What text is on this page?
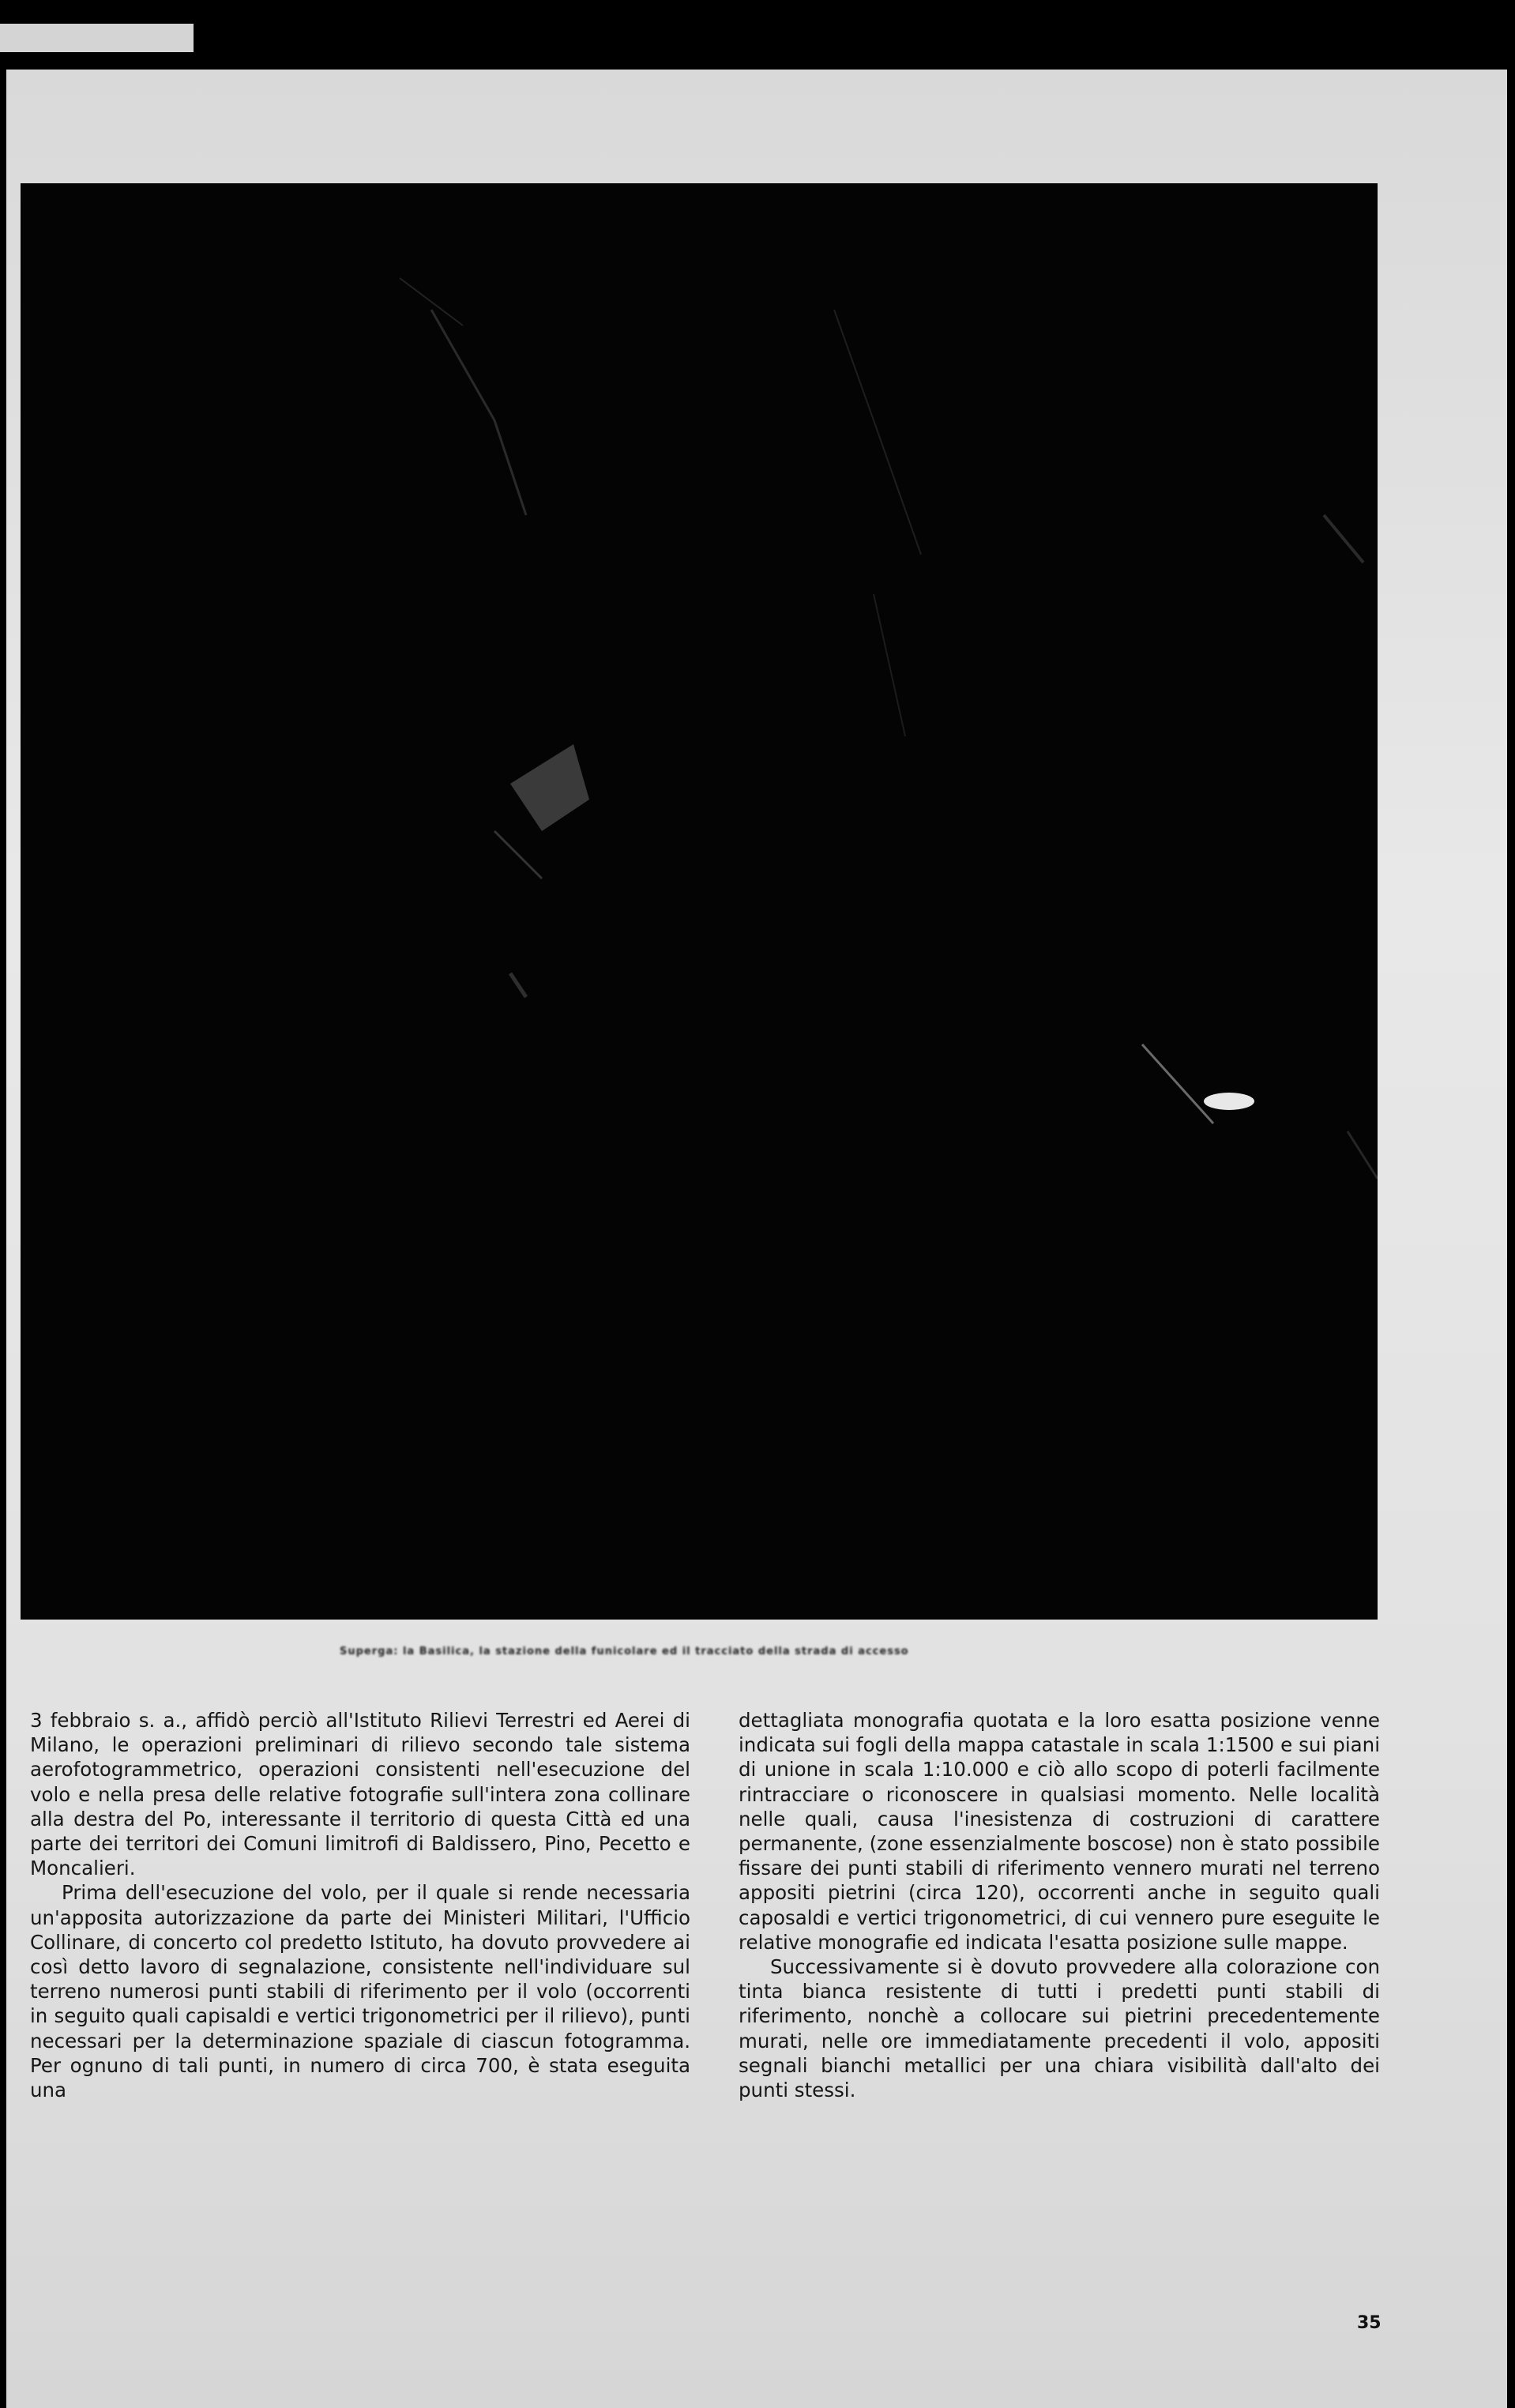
Superga: la Basilica, la stazione della funicolare ed il tracciato della strada di accesso

3 febbraio s. a., affidò perciò all'Istituto Rilievi Terrestri ed Aerei di Milano, le operazioni preliminari di rilievo secondo tale sistema aerofotogrammetrico, operazioni consistenti nell'esecuzione del volo e nella presa delle relative fotografie sull'intera zona collinare alla destra del Po, interessante il territorio di questa Città ed una parte dei territori dei Comuni limitrofi di Baldissero, Pino, Pecetto e Moncalieri.

Prima dell'esecuzione del volo, per il quale si rende necessaria un'apposita autorizzazione da parte dei Ministeri Militari, l'Ufficio Collinare, di concerto col predetto Istituto, ha dovuto provvedere ai così detto lavoro di segnalazione, consistente nell'individuare sul terreno numerosi punti stabili di riferimento per il volo (occorrenti in seguito quali capisaldi e vertici trigonometrici per il rilievo), punti necessari per la determinazione spaziale di ciascun fotogramma. Per ognuno di tali punti, in numero di circa 700, è stata eseguita una

dettagliata monografia quotata e la loro esatta posizione venne indicata sui fogli della mappa catastale in scala 1:1500 e sui piani di unione in scala 1:10.000 e ciò allo scopo di poterli facilmente rintracciare o riconoscere in qualsiasi momento. Nelle località nelle quali, causa l'inesistenza di costruzioni di carattere permanente, (zone essenzialmente boscose) non è stato possibile fissare dei punti stabili di riferimento vennero murati nel terreno appositi pietrini (circa 120), occorrenti anche in seguito quali caposaldi e vertici trigonometrici, di cui vennero pure eseguite le relative monografie ed indicata l'esatta posizione sulle mappe.

Successivamente si è dovuto provvedere alla colorazione con tinta bianca resistente di tutti i predetti punti stabili di riferimento, nonchè a collocare sui pietrini precedentemente murati, nelle ore immediatamente precedenti il volo, appositi segnali bianchi metallici per una chiara visibilità dall'alto dei punti stessi.

35
